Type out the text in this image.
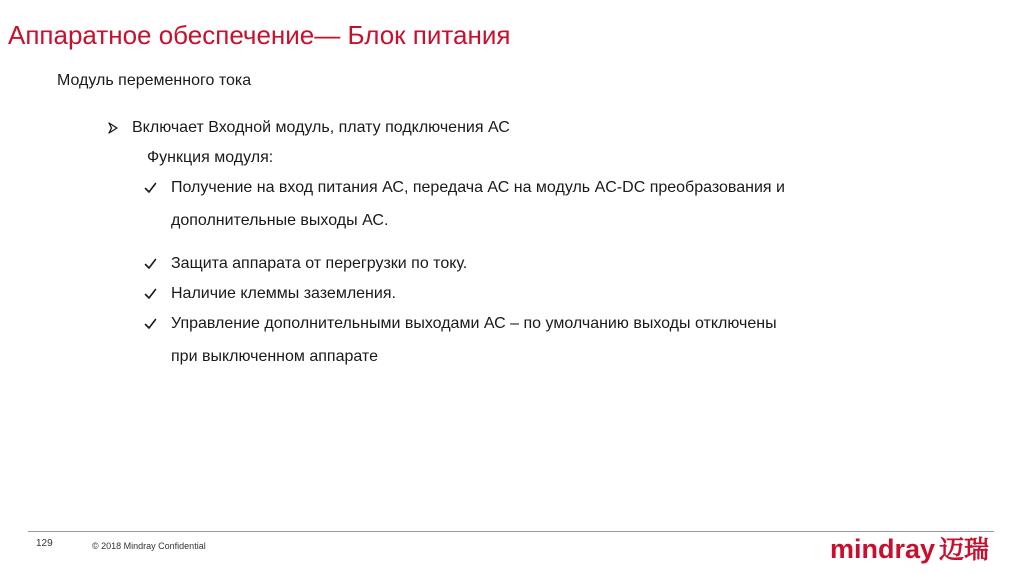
Аппаратное обеспечение— Блок питания
Модуль переменного тока
Включает Входной модуль, плату подключения АС
Функция модуля:
Получение на вход питания АС, передача АС на модуль AC-DC преобразования и
дополнительные выходы АС.
Защита аппарата от перегрузки по току.
Наличие клеммы заземления.
Управление дополнительными выходами АС – по умолчанию выходы отключены
при выключенном аппарате
129	© 2018 Mindray Confidential	mindray 迈瑞
